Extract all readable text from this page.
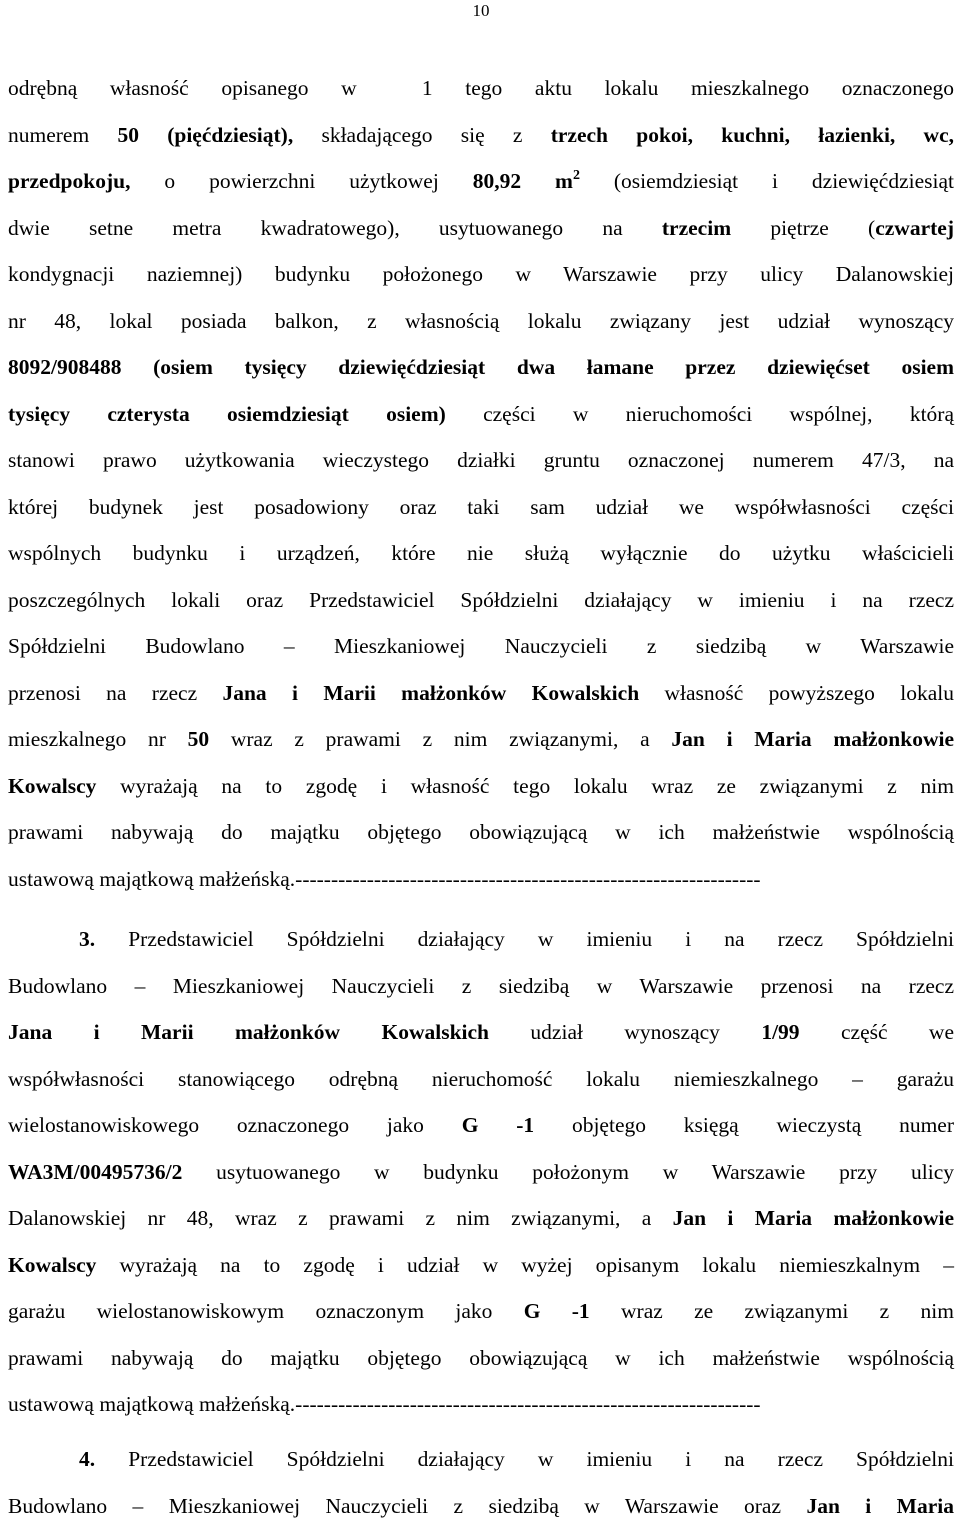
10
odrębną własność opisanego w  1 tego aktu lokalu mieszkalnego oznaczonego
numerem 50 (pięćdziesiąt), składającego się z trzech pokoi, kuchni, łazienki, wc,
przedpokoju, o powierzchni użytkowej 80,92 $m^2$ (osiemdziesiąt i dziewięćdziesiąt
dwie setne metra kwadratowego), usytuowanego na trzecim piętrze (czwartej
kondygnacji naziemnej) budynku położonego w Warszawie przy ulicy Dalanowskiej
nr 48, lokal posiada balkon, z własnością lokalu związany jest udział wynoszący
8092/908488 (osiem tysięcy dziewięćdziesiąt dwa łamane przez dziewięćset osiem
tysięcy czterysta osiemdziesiąt osiem) części w nieruchomości wspólnej, którą
stanowi prawo użytkowania wieczystego działki gruntu oznaczonej numerem 47/3, na
której budynek jest posadowiony oraz taki sam udział we współwłasności części
wspólnych budynku i urządzeń, które nie służą wyłącznie do użytku właścicieli
poszczególnych lokali oraz Przedstawiciel Spółdzielni działający w imieniu i na rzecz
Spółdzielni Budowlano – Mieszkaniowej Nauczycieli z siedzibą w Warszawie
przenosi na rzecz Jana i Marii małżonków Kowalskich własność powyższego lokalu
mieszkalnego nr 50 wraz z prawami z nim związanymi, a Jan i Maria małżonkowie
Kowalscy wyrażają na to zgodę i własność tego lokalu wraz ze związanymi z nim
prawami nabywają do majątku objętego obowiązującą w ich małżeństwie wspólnością
ustawową majątkową małżeńską.-----------------------------------------------------------------
3. Przedstawiciel Spółdzielni działający w imieniu i na rzecz Spółdzielni
Budowlano – Mieszkaniowej Nauczycieli z siedzibą w Warszawie przenosi na rzecz
Jana i Marii małżonków Kowalskich udział wynoszący 1/99 część we
współwłasności stanowiącego odrębną nieruchomość lokalu niemieszkalnego – garażu
wielostanowiskowego oznaczonego jako G -1 objętego księgą wieczystą numer
WA3M/00495736/2 usytuowanego w budynku położonym w Warszawie przy ulicy
Dalanowskiej nr 48, wraz z prawami z nim związanymi, a Jan i Maria małżonkowie
Kowalscy wyrażają na to zgodę i udział w wyżej opisanym lokalu niemieszkalnym –
garażu wielostanowiskowym oznaczonym jako G -1 wraz ze związanymi z nim
prawami nabywają do majątku objętego obowiązującą w ich małżeństwie wspólnością
ustawową majątkową małżeńską.-----------------------------------------------------------------
4. Przedstawiciel Spółdzielni działający w imieniu i na rzecz Spółdzielni
Budowlano – Mieszkaniowej Nauczycieli z siedzibą w Warszawie oraz Jan i Maria
